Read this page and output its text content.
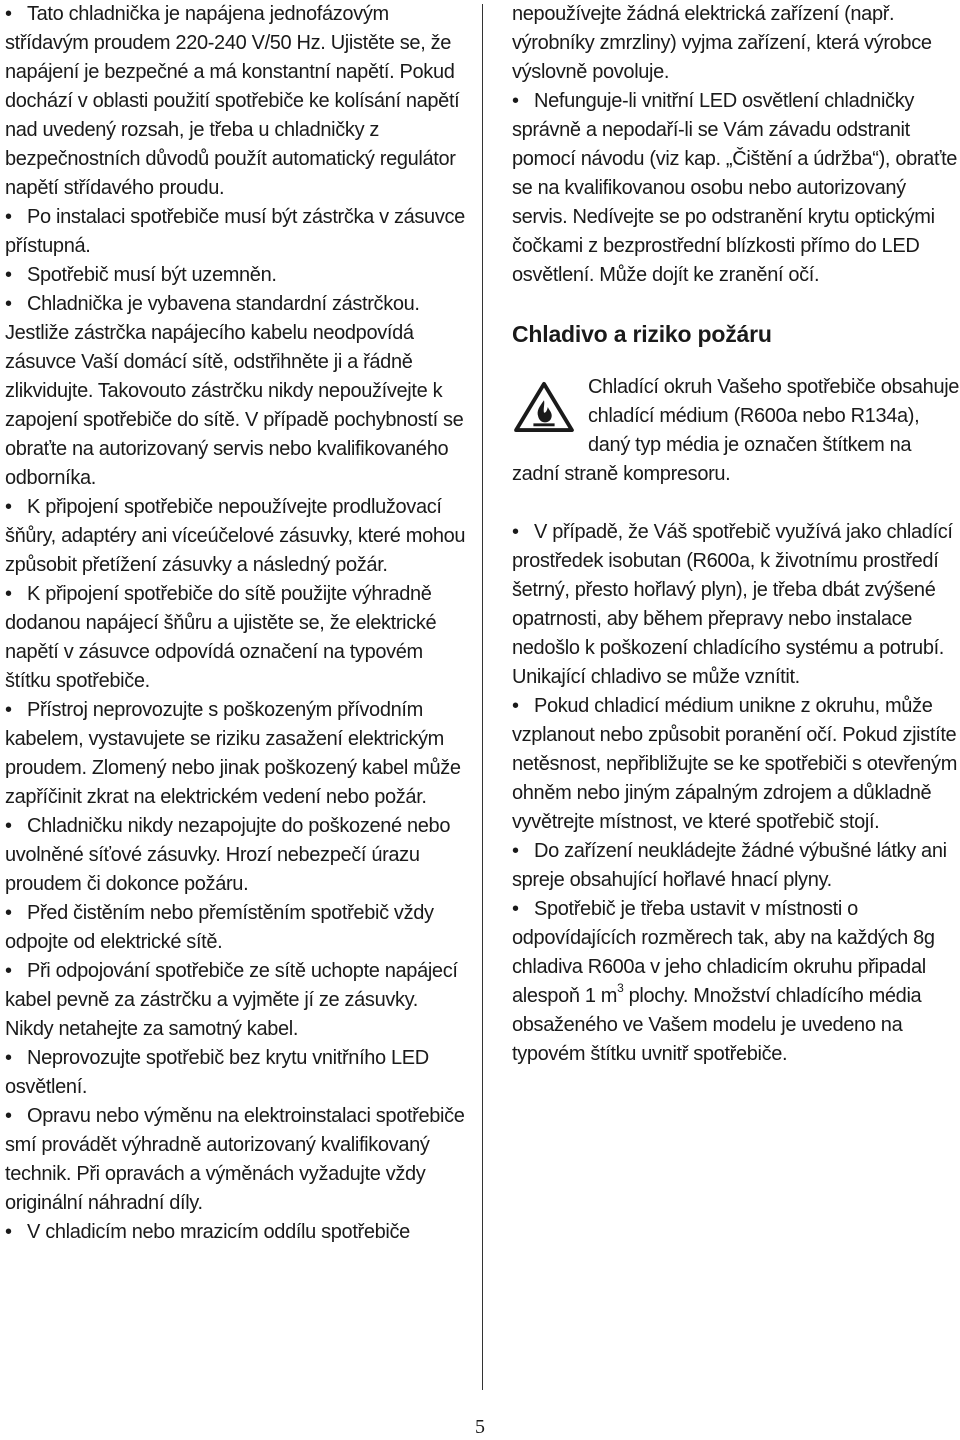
• Tato chladnička je napájena jednofázovým střídavým proudem 220-240 V/50 Hz. Ujistěte se, že napájení je bezpečné a má konstantní napětí. Pokud dochází v oblasti použití spotřebiče ke kolísání napětí nad uvedený rozsah, je třeba u chladničky z bezpečnostních důvodů použít automatický regulátor napětí střídavého proudu.

• Po instalaci spotřebiče musí být zástrčka v zásuvce přístupná.

• Spotřebič musí být uzemněn.

• Chladnička je vybavena standardní zástrčkou. Jestliže zástrčka napájecího kabelu neodpovídá zásuvce Vaší domácí sítě, odstřihněte ji a řádně zlikvidujte. Takovouto zástrčku nikdy nepoužívejte k zapojení spotřebiče do sítě. V případě pochybností se obraťte na autorizovaný servis nebo kvalifikovaného odborníka.

• K připojení spotřebiče nepoužívejte prodlužovací šňůry, adaptéry ani víceúčelové zásuvky, které mohou způsobit přetížení zásuvky a následný požár.

• K připojení spotřebiče do sítě použijte výhradně dodanou napájecí šňůru a ujistěte se, že elektrické napětí v zásuvce odpovídá označení na typovém štítku spotřebiče.

• Přístroj neprovozujte s poškozeným přívodním kabelem, vystavujete se riziku zasažení elektrickým proudem. Zlomený nebo jinak poškozený kabel může zapříčinit zkrat na elektrickém vedení nebo požár.

• Chladničku nikdy nezapojujte do poškozené nebo uvolněné síťové zásuvky. Hrozí nebezpečí úrazu proudem či dokonce požáru.

• Před čistěním nebo přemístěním spotřebič vždy odpojte od elektrické sítě.

• Při odpojování spotřebiče ze sítě uchopte napájecí kabel pevně za zástrčku a vyjměte jí ze zásuvky. Nikdy netahejte za samotný kabel.

• Neprovozujte spotřebič bez krytu vnitřního LED osvětlení.

• Opravu nebo výměnu na elektroinstalaci spotřebiče smí provádět výhradně autorizovaný kvalifikovaný technik. Při opravách a výměnách vyžadujte vždy originální náhradní díly.

• V chladicím nebo mrazicím oddílu spotřebiče

nepoužívejte žádná elektrická zařízení (např. výrobníky zmrzliny) vyjma zařízení, která výrobce výslovně povoluje.

• Nefunguje-li vnitřní LED osvětlení chladničky správně a nepodaří-li se Vám závadu odstranit pomocí návodu (viz kap. „Čištění a údržba“), obraťte se na kvalifikovanou osobu nebo autorizovaný servis. Nedívejte se po odstranění krytu optickými čočkami z bezprostřední blízkosti přímo do LED osvětlení. Může dojít ke zranění očí.

Chladivo a riziko požáru

Chladící okruh Vašeho spotřebiče obsahuje chladící médium (R600a nebo R134a), daný typ média je označen štítkem na zadní straně kompresoru.

• V případě, že Váš spotřebič využívá jako chladící prostředek isobutan (R600a, k životnímu prostředí šetrný, přesto hořlavý plyn), je třeba dbát zvýšené opatrnosti, aby během přepravy nebo instalace nedošlo k poškození chladícího systému a potrubí. Unikající chladivo se může vznítit.

• Pokud chladicí médium unikne z okruhu, může vzplanout nebo způsobit poranění očí. Pokud zjistíte netěsnost, nepřibližujte se ke spotřebiči s otevřeným ohněm nebo jiným zápalným zdrojem a důkladně vyvětrejte místnost, ve které spotřebič stojí.

• Do zařízení neukládejte žádné výbušné látky ani spreje obsahující hořlavé hnací plyny.

• Spotřebič je třeba ustavit v místnosti o odpovídajících rozměrech tak, aby na každých 8g chladiva R600a v jeho chladicím okruhu připadal alespoň 1 $m^3$ plochy. Množství chladícího média obsaženého ve Vašem modelu je uvedeno na typovém štítku uvnitř spotřebiče.

5
